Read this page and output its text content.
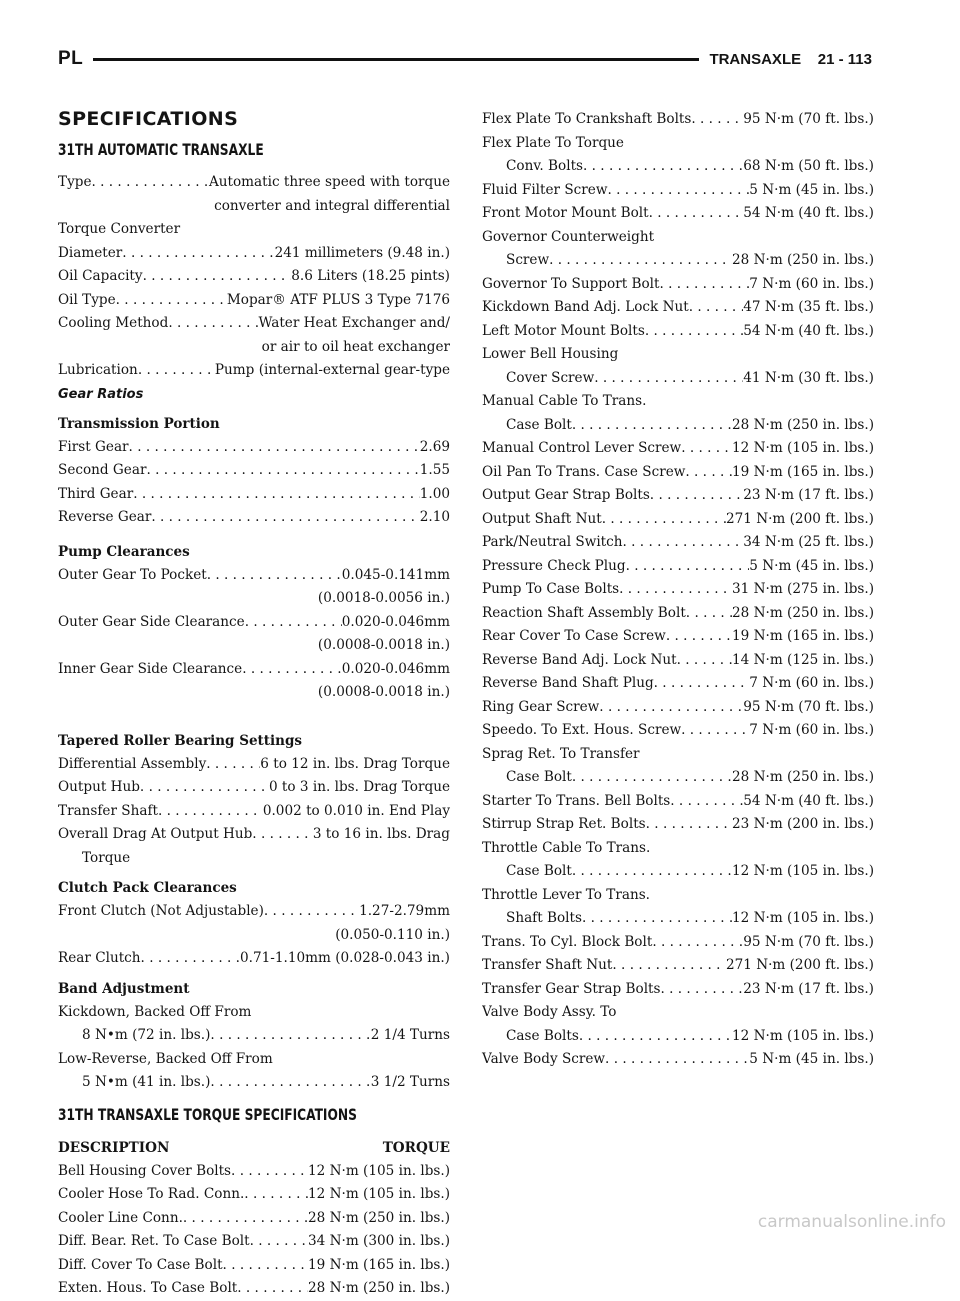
PL	TRANSAXLE    21 - 113
SPECIFICATIONS
31TH AUTOMATIC TRANSAXLE
Type . . .	Automatic three speed with torque
converter and integral differential
Torque Converter
Diameter . . .	241 millimeters (9.48 in.)
Oil Capacity . . .	8.6 Liters (18.25 pints)
Oil Type . . .	Mopar® ATF PLUS 3 Type 7176
Cooling Method . . .	Water Heat Exchanger and/
or air to oil heat exchanger
Lubrication . . .	Pump (internal-external gear-type
Gear Ratios
Transmission Portion
First Gear . . .	2.69
Second Gear . . .	1.55
Third Gear . . .	1.00
Reverse Gear . . .	2.10
Pump Clearances
Outer Gear To Pocket . . .	0.045-0.141mm
(0.0018-0.0056 in.)
Outer Gear Side Clearance . . .	0.020-0.046mm
(0.0008-0.0018 in.)
Inner Gear Side Clearance . . .	0.020-0.046mm
(0.0008-0.0018 in.)
Tapered Roller Bearing Settings
Differential Assembly . . .	6 to 12 in. lbs. Drag Torque
Output Hub . . .	0 to 3 in. lbs. Drag Torque
Transfer Shaft . . .	0.002 to 0.010 in. End Play
Overall Drag At Output Hub . . .	3 to 16 in. lbs. Drag
Torque
Clutch Pack Clearances
Front Clutch (Not Adjustable) . . .	1.27-2.79mm
(0.050-0.110 in.)
Rear Clutch . . .	0.71-1.10mm (0.028-0.043 in.)
Band Adjustment
Kickdown, Backed Off From
8 N•m (72 in. lbs.) . . .	2 1/4 Turns
Low-Reverse, Backed Off From
5 N•m (41 in. lbs.) . . .	3 1/2 Turns
31TH TRANSAXLE TORQUE SPECIFICATIONS
DESCRIPTION	TORQUE
Bell Housing Cover Bolts . . .	12 N·m (105 in. lbs.)
Cooler Hose To Rad. Conn. . . .	12 N·m (105 in. lbs.)
Cooler Line Conn. . . .	28 N·m (250 in. lbs.)
Diff. Bear. Ret. To Case Bolt . . .	34 N·m (300 in. lbs.)
Diff. Cover To Case Bolt . . .	19 N·m (165 in. lbs.)
Exten. Hous. To Case Bolt . . .	28 N·m (250 in. lbs.)
Flex Plate To Crankshaft Bolts . . .	95 N·m (70 ft. lbs.)
Flex Plate To Torque
Conv. Bolts . . .	68 N·m (50 ft. lbs.)
Fluid Filter Screw . . .	5 N·m (45 in. lbs.)
Front Motor Mount Bolt . . .	54 N·m (40 ft. lbs.)
Governor Counterweight
Screw . . .	28 N·m (250 in. lbs.)
Governor To Support Bolt . . .	7 N·m (60 in. lbs.)
Kickdown Band Adj. Lock Nut . . .	47 N·m (35 ft. lbs.)
Left Motor Mount Bolts . . .	54 N·m (40 ft. lbs.)
Lower Bell Housing
Cover Screw . . .	41 N·m (30 ft. lbs.)
Manual Cable To Trans.
Case Bolt . . .	28 N·m (250 in. lbs.)
Manual Control Lever Screw . . .	12 N·m (105 in. lbs.)
Oil Pan To Trans. Case Screw . . .	19 N·m (165 in. lbs.)
Output Gear Strap Bolts . . .	23 N·m (17 ft. lbs.)
Output Shaft Nut . . .	271 N·m (200 ft. lbs.)
Park/Neutral Switch . . .	34 N·m (25 ft. lbs.)
Pressure Check Plug . . .	5 N·m (45 in. lbs.)
Pump To Case Bolts . . .	31 N·m (275 in. lbs.)
Reaction Shaft Assembly Bolt . . .	28 N·m (250 in. lbs.)
Rear Cover To Case Screw . . .	19 N·m (165 in. lbs.)
Reverse Band Adj. Lock Nut . . .	14 N·m (125 in. lbs.)
Reverse Band Shaft Plug . . .	7 N·m (60 in. lbs.)
Ring Gear Screw . . .	95 N·m (70 ft. lbs.)
Speedo. To Ext. Hous. Screw . . .	7 N·m (60 in. lbs.)
Sprag Ret. To Transfer
Case Bolt . . .	28 N·m (250 in. lbs.)
Starter To Trans. Bell Bolts . . .	54 N·m (40 ft. lbs.)
Stirrup Strap Ret. Bolts . . .	23 N·m (200 in. lbs.)
Throttle Cable To Trans.
Case Bolt . . .	12 N·m (105 in. lbs.)
Throttle Lever To Trans.
Shaft Bolts . . .	12 N·m (105 in. lbs.)
Trans. To Cyl. Block Bolt . . .	95 N·m (70 ft. lbs.)
Transfer Shaft Nut . . .	271 N·m (200 ft. lbs.)
Transfer Gear Strap Bolts . . .	23 N·m (17 ft. lbs.)
Valve Body Assy. To
Case Bolts . . .	12 N·m (105 in. lbs.)
Valve Body Screw . . .	5 N·m (45 in. lbs.)
carmanualsonline.info
